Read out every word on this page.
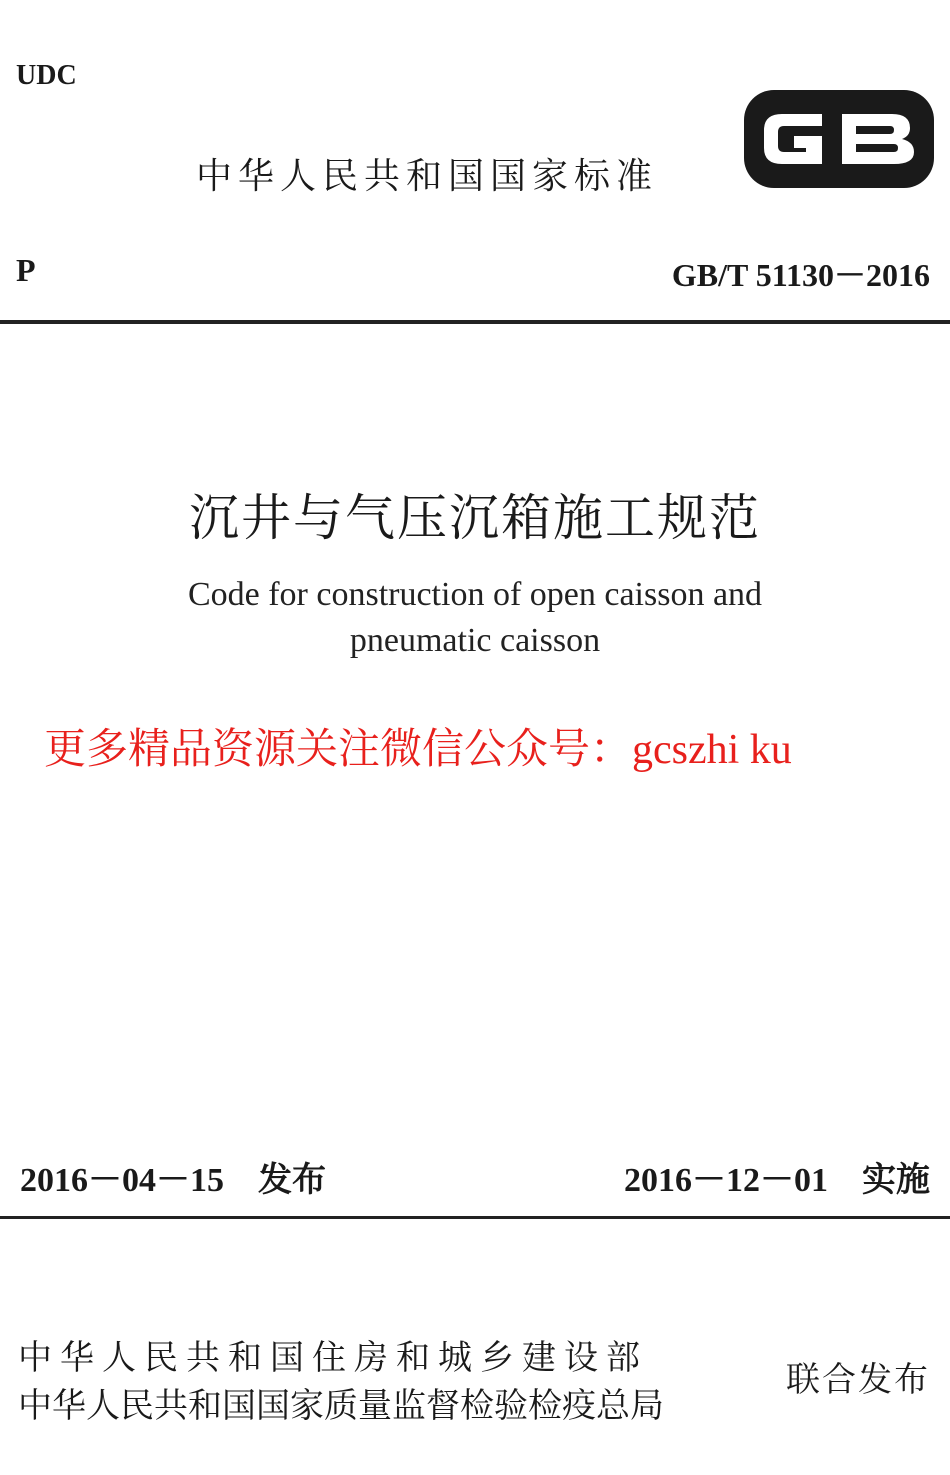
UDC
中华人民共和国国家标准
P	GB/T 51130－2016
沉井与气压沉箱施工规范
Code for construction of open caisson and pneumatic caisson
更多精品资源关注微信公众号：gcszhi ku
2016－04－15　发布	2016－12－01　实施
中华人民共和国住房和城乡建设部
中华人民共和国国家质量监督检验检疫总局
联合发布
